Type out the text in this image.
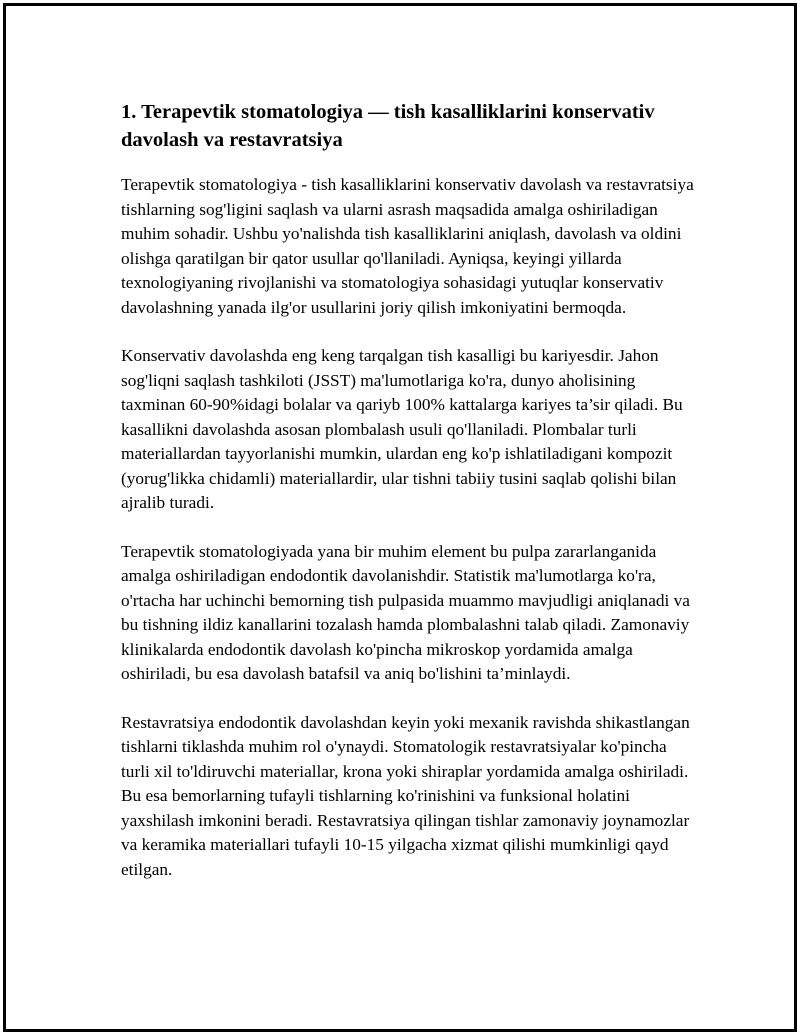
1. Terapevtik stomatologiya — tish kasalliklarini konservativ davolash va restavratsiya

Terapevtik stomatologiya - tish kasalliklarini konservativ davolash va restavratsiya tishlarning sog'ligini saqlash va ularni asrash maqsadida amalga oshiriladigan muhim sohadir. Ushbu yo'nalishda tish kasalliklarini aniqlash, davolash va oldini olishga qaratilgan bir qator usullar qo'llaniladi. Ayniqsa, keyingi yillarda texnologiyaning rivojlanishi va stomatologiya sohasidagi yutuqlar konservativ davolashning yanada ilg'or usullarini joriy qilish imkoniyatini bermoqda.

Konservativ davolashda eng keng tarqalgan tish kasalligi bu kariyesdir. Jahon sog'liqni saqlash tashkiloti (JSST) ma'lumotlariga ko'ra, dunyo aholisining taxminan 60-90%idagi bolalar va qariyb 100% kattalarga kariyes ta’sir qiladi. Bu kasallikni davolashda asosan plombalash usuli qo'llaniladi. Plombalar turli materiallardan tayyorlanishi mumkin, ulardan eng ko'p ishlatiladigani kompozit (yorug'likka chidamli) materiallardir, ular tishni tabiiy tusini saqlab qolishi bilan ajralib turadi.

Terapevtik stomatologiyada yana bir muhim element bu pulpa zararlanganida amalga oshiriladigan endodontik davolanishdir. Statistik ma'lumotlarga ko'ra, o'rtacha har uchinchi bemorning tish pulpasida muammo mavjudligi aniqlanadi va bu tishning ildiz kanallarini tozalash hamda plombalashni talab qiladi. Zamonaviy klinikalarda endodontik davolash ko'pincha mikroskop yordamida amalga oshiriladi, bu esa davolash batafsil va aniq bo'lishini ta’minlaydi.

Restavratsiya endodontik davolashdan keyin yoki mexanik ravishda shikastlangan tishlarni tiklashda muhim rol o'ynaydi. Stomatologik restavratsiyalar ko'pincha turli xil to'ldiruvchi materiallar, krona yoki shiraplar yordamida amalga oshiriladi. Bu esa bemorlarning tufayli tishlarning ko'rinishini va funksional holatini yaxshilash imkonini beradi. Restavratsiya qilingan tishlar zamonaviy joynamozlar va keramika materiallari tufayli 10-15 yilgacha xizmat qilishi mumkinligi qayd etilgan.
